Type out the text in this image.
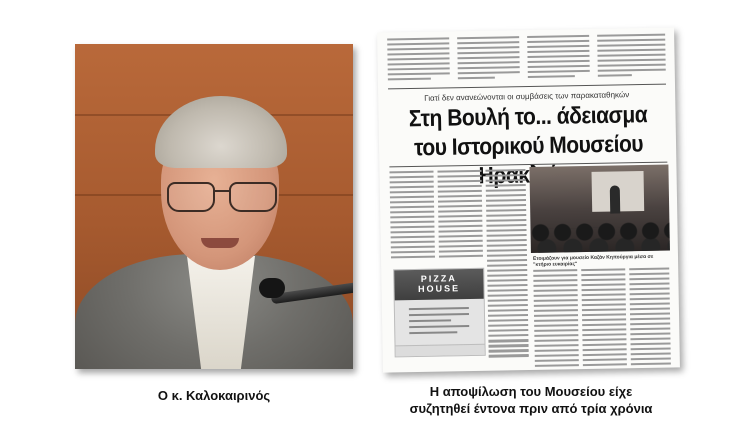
Ο κ. Καλοκαιρινός
Γιατί δεν ανανεώνονται οι συμβάσεις των παρακαταθηκών
Στη Βουλή το... άδειασμα
του Ιστορικού Μουσείου
Ετοιμάζουν για μουσείο Καζάν Κηπούργια μέσα σε "κτήριο ευκαιρίας"
PIZZA
HOUSE
Η αποψίλωση του Μουσείου είχε
συζητηθεί έντονα πριν από τρία χρόνια
